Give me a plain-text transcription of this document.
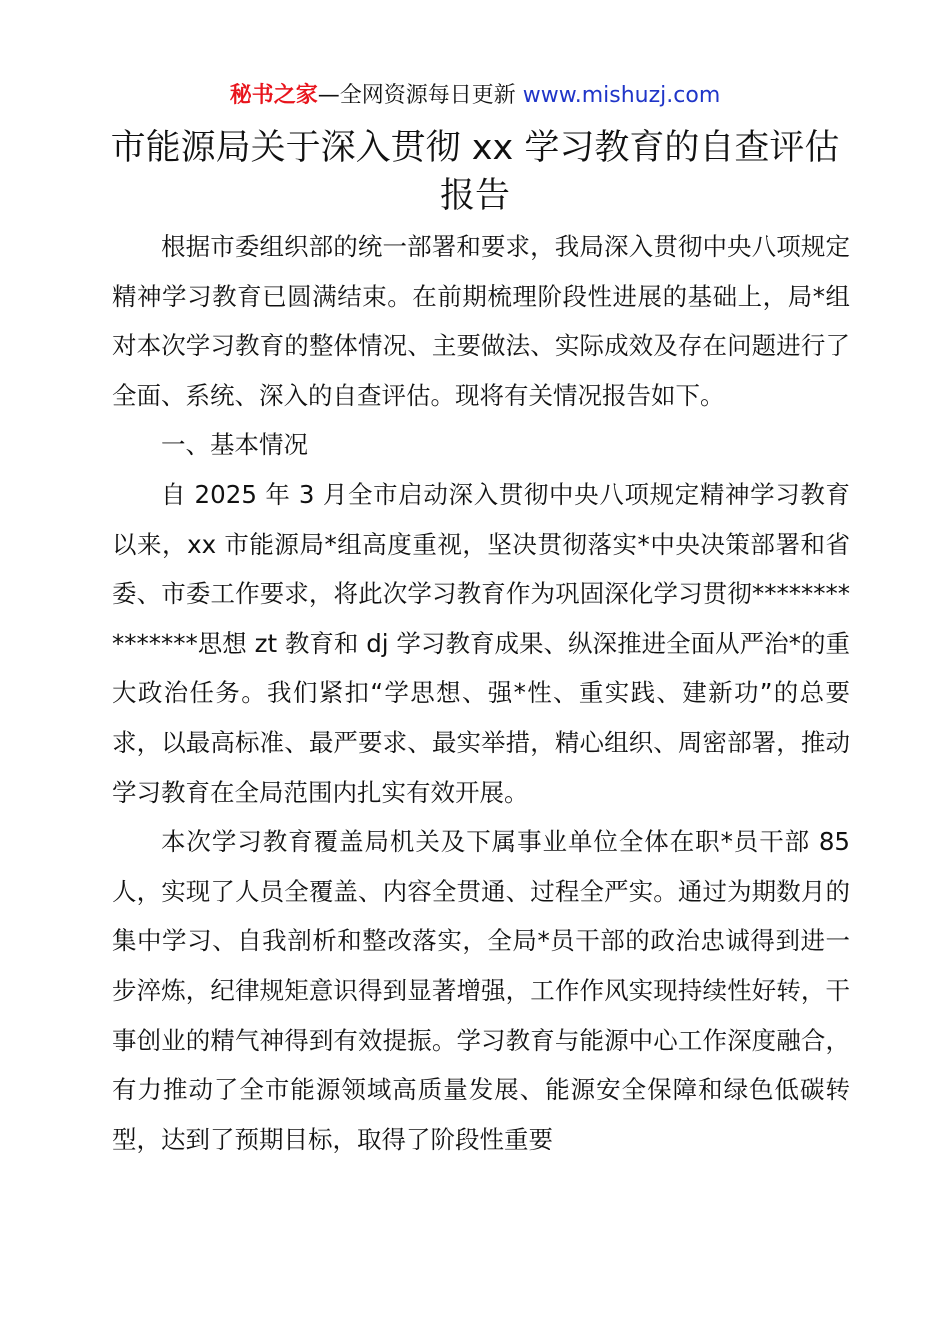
秘书之家—全网资源每日更新 www.mishuzj.com
市能源局关于深入贯彻 xx 学习教育的自查评估报告

根据市委组织部的统一部署和要求，我局深入贯彻中央八项规定精神学习教育已圆满结束。在前期梳理阶段性进展的基础上，局*组对本次学习教育的整体情况、主要做法、实际成效及存在问题进行了全面、系统、深入的自查评估。现将有关情况报告如下。

一、基本情况

自 2025 年 3 月全市启动深入贯彻中央八项规定精神学习教育以来，xx 市能源局*组高度重视，坚决贯彻落实*中央决策部署和省委、市委工作要求，将此次学习教育作为巩固深化学习贯彻***************思想 zt 教育和 dj 学习教育成果、纵深推进全面从严治*的重大政治任务。我们紧扣“学思想、强*性、重实践、建新功”的总要求，以最高标准、最严要求、最实举措，精心组织、周密部署，推动学习教育在全局范围内扎实有效开展。

本次学习教育覆盖局机关及下属事业单位全体在职*员干部 85 人，实现了人员全覆盖、内容全贯通、过程全严实。通过为期数月的集中学习、自我剖析和整改落实，全局*员干部的政治忠诚得到进一步淬炼，纪律规矩意识得到显著增强，工作作风实现持续性好转，干事创业的精气神得到有效提振。学习教育与能源中心工作深度融合，有力推动了全市能源领域高质量发展、能源安全保障和绿色低碳转型，达到了预期目标，取得了阶段性重要
